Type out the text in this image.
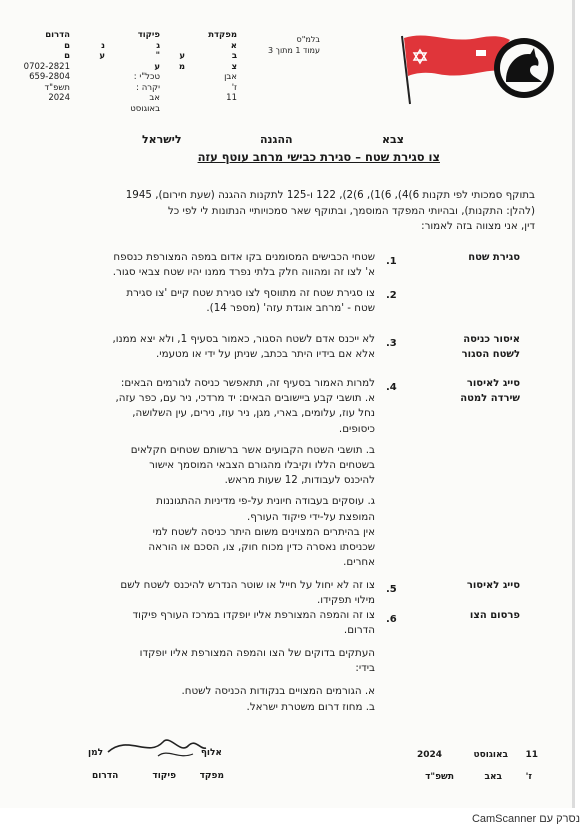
הדרום
ם
ם
0702-2821
659-2804
תשפ"ד
2024
פיקוד
ג
"
ע
טכל"י :
יקרה :
אב
באוגוסט
מפקדת
א
ב
צ
אבן
ז'
11
נ
ע	ע
מ
בלמ"ס
עמוד 1 מתוך 3
לישראל	ההגנה	צבא
צו סגירת שטח – סגירת כבישי מרחב עוטף עזה
בתוקף סמכותי לפי תקנות 6)4), 6)1), 6)2), 122 ו-125 לתקנות ההגנה (שעת חירום), 1945
(להלן: התקנות), ובהיותי המפקד המוסמך, ובתוקף שאר סמכויותיי הנתונות לי לפי כל
דין, אני מצווה בזה לאמור:
.1	סגירת שטח
שטחי הכבישים המסומנים בקו אדום במפה המצורפת כנספח
א' לצו זה ומהווה חלק בלתי נפרד ממנו יהיו שטח צבאי סגור.
.2
צו סגירת שטח זה מתווסף לצו סגירת שטח קיים 'צו סגירת
שטח - 'מרחב אוגדת עזה' (מספר 14).
.3	איסור כניסה לשטח הסגור
לא ייכנס אדם לשטח הסגור, כאמור בסעיף 1, ולא יצא ממנו,
אלא אם בידיו היתר בכתב, שניתן על ידי או מטעמי.
.4	סייג לאיסור שירדה למטה
למרות האמור בסעיף זה, תתאפשר כניסה לגורמים הבאים:
א. תושבי קבע ביישובים הבאים: יד מרדכי, ניר עם, כפר עזה,
נחל עוז, עלומים, בארי, מגן, ניר עוז, נירים, עין השלושה,
כיסופים.
ב. תושבי השטח הקבועים אשר ברשותם שטחים חקלאים
בשטחים הללו וקיבלו מהגורם הצבאי המוסמך אישור
להיכנס לעבודות, 12 שעות מראש.
ג. עוסקים בעבודה חיונית על-פי מדיניות ההתגוננות
המופצת על-ידי פיקוד העורף.
אין בהיתרים המצוינים משום היתר כניסה לשטח למי
שכניסתו נאסרה כדין מכוח חוק, צו, הסכם או הוראה
אחרים.
.5	סייג לאיסור
צו זה לא יחול על חייל או שוטר הנדרש להיכנס לשטח לשם
מילוי תפקידו.
.6	פרסום הצו
צו זה והמפה המצורפת אליו יופקדו במרכז העורף פיקוד
הדרום.
העתקים בדוקים של הצו והמפה המצורפת אליו יופקדו
בידי:
א. הגורמים המצויים בנקודות הכניסה לשטח.
ב. מחוז דרום משטרת ישראל.
אלוף
למן
מפקד
פיקוד
הדרום
11
באוגוסט
2024
ז'
באב
תשפ"ד
נסרק עם CamScanner
